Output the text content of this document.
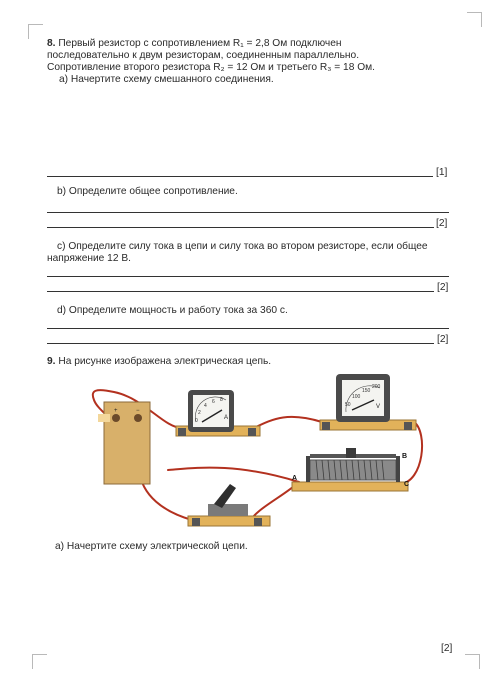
8. Первый резистор с сопротивлением R₁ = 2,8 Ом подключен
последовательно к двум резисторам, соединенным параллельно.
Сопротивление второго резистора R₂ = 12 Ом и третьего R₃ = 18 Ом.
а) Начертите схему смешанного соединения.
[1]
b) Определите общее сопротивление.
[2]
c) Определите силу тока в цепи и силу тока во втором резисторе, если общее
напряжение 12 В.
[2]
d) Определите мощность и работу тока за 360 с.
[2]
9. На рисунке изображена электрическая цепь.
+	−
0
2
4
6 8
A
50
100
150
200
V
A
B
C
а) Начертите схему электрической цепи.
[2]
